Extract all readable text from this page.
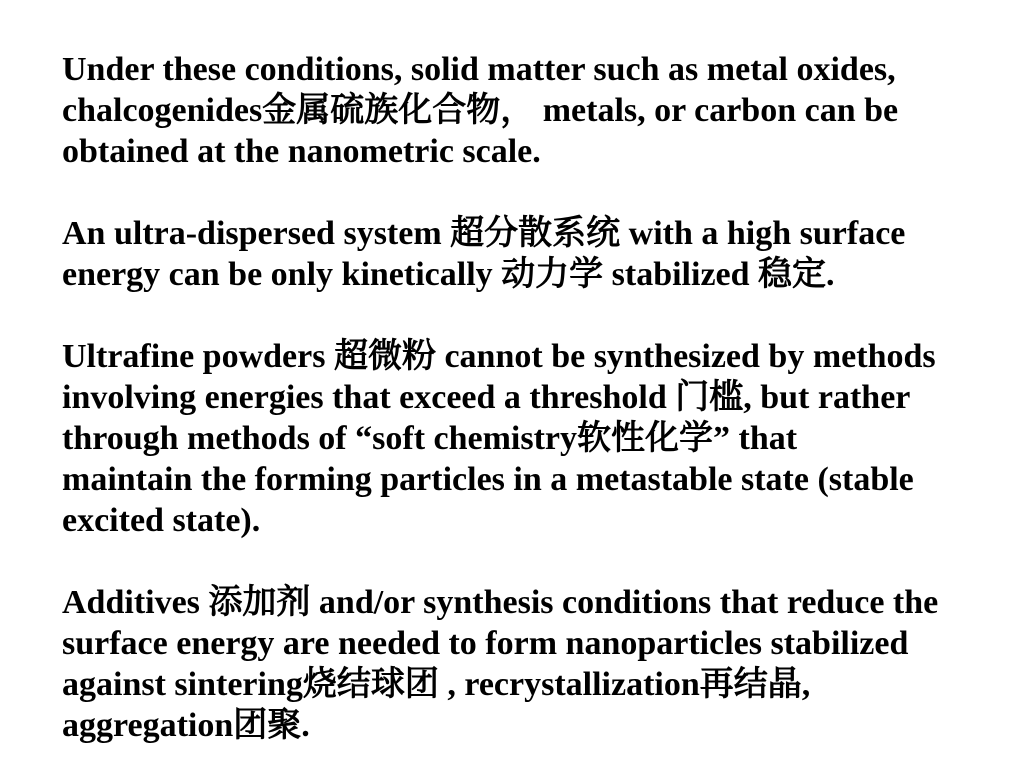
Under these conditions, solid matter such as metal oxides,
chalcogenides金属硫族化合物， metals, or carbon can be
obtained at the nanometric scale.
An ultra-dispersed system 超分散系统 with a high surface
energy can be only kinetically 动力学 stabilized 稳定.
Ultrafine powders 超微粉 cannot be synthesized by methods
involving energies that exceed a threshold 门槛, but rather
through methods of “soft chemistry软性化学” that
maintain the forming particles in a metastable state (stable
excited state).
Additives 添加剂 and/or synthesis conditions that reduce the
surface energy are needed to form nanoparticles stabilized
against sintering烧结球团 , recrystallization再结晶,
aggregation团聚.
